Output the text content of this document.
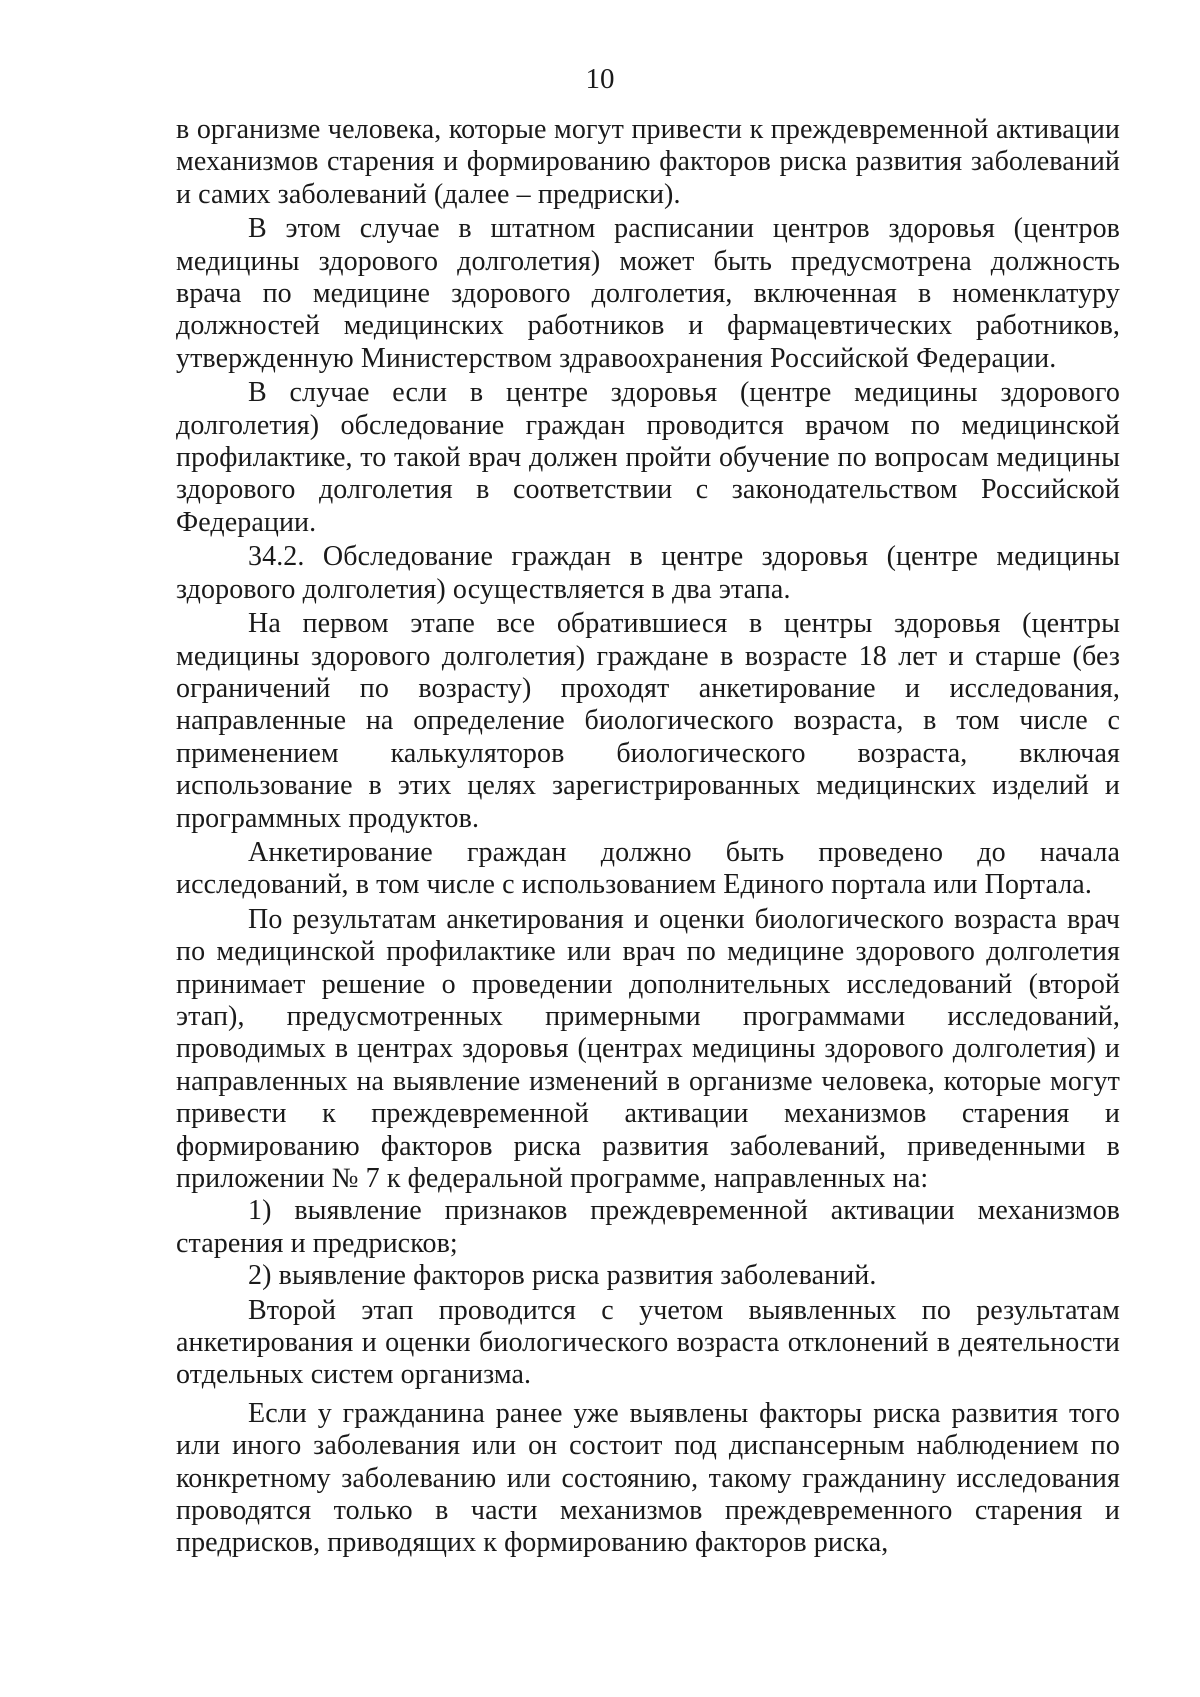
10

в организме человека, которые могут привести к преждевременной активации механизмов старения и формированию факторов риска развития заболеваний и самих заболеваний (далее – предриски).

В этом случае в штатном расписании центров здоровья (центров медицины здорового долголетия) может быть предусмотрена должность врача по медицине здорового долголетия, включенная в номенклатуру должностей медицинских работников и фармацевтических работников, утвержденную Министерством здравоохранения Российской Федерации.

В случае если в центре здоровья (центре медицины здорового долголетия) обследование граждан проводится врачом по медицинской профилактике, то такой врач должен пройти обучение по вопросам медицины здорового долголетия в соответствии с законодательством Российской Федерации.

34.2. Обследование граждан в центре здоровья (центре медицины здорового долголетия) осуществляется в два этапа.

На первом этапе все обратившиеся в центры здоровья (центры медицины здорового долголетия) граждане в возрасте 18 лет и старше (без ограничений по возрасту) проходят анкетирование и исследования, направленные на определение биологического возраста, в том числе с применением калькуляторов биологического возраста, включая использование в этих целях зарегистрированных медицинских изделий и программных продуктов.

Анкетирование граждан должно быть проведено до начала исследований, в том числе с использованием Единого портала или Портала.

По результатам анкетирования и оценки биологического возраста врач по медицинской профилактике или врач по медицине здорового долголетия принимает решение о проведении дополнительных исследований (второй этап), предусмотренных примерными программами исследований, проводимых в центрах здоровья (центрах медицины здорового долголетия) и направленных на выявление изменений в организме человека, которые могут привести к преждевременной активации механизмов старения и формированию факторов риска развития заболеваний, приведенными в приложении № 7 к федеральной программе, направленных на:

1) выявление признаков преждевременной активации механизмов старения и предрисков;

2) выявление факторов риска развития заболеваний.

Второй этап проводится с учетом выявленных по результатам анкетирования и оценки биологического возраста отклонений в деятельности отдельных систем организма.

Если у гражданина ранее уже выявлены факторы риска развития того или иного заболевания или он состоит под диспансерным наблюдением по конкретному заболеванию или состоянию, такому гражданину исследования проводятся только в части механизмов преждевременного старения и предрисков, приводящих к формированию факторов риска,
